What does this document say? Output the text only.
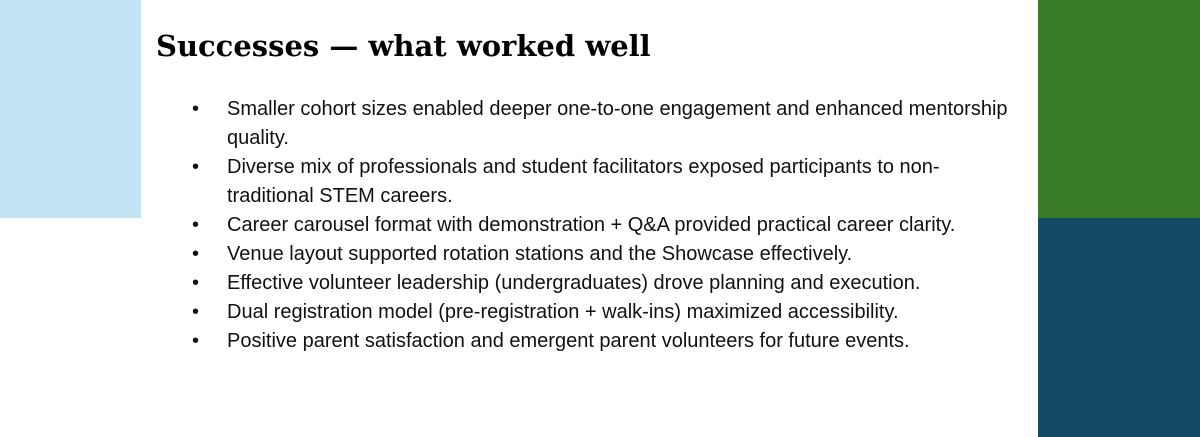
Successes — what worked well
• Smaller cohort sizes enabled deeper one-to-one engagement and enhanced mentorship quality.
• Diverse mix of professionals and student facilitators exposed participants to non-traditional STEM careers.
• Career carousel format with demonstration + Q&A provided practical career clarity.
• Venue layout supported rotation stations and the Showcase effectively.
• Effective volunteer leadership (undergraduates) drove planning and execution.
• Dual registration model (pre-registration + walk-ins) maximized accessibility.
• Positive parent satisfaction and emergent parent volunteers for future events.
